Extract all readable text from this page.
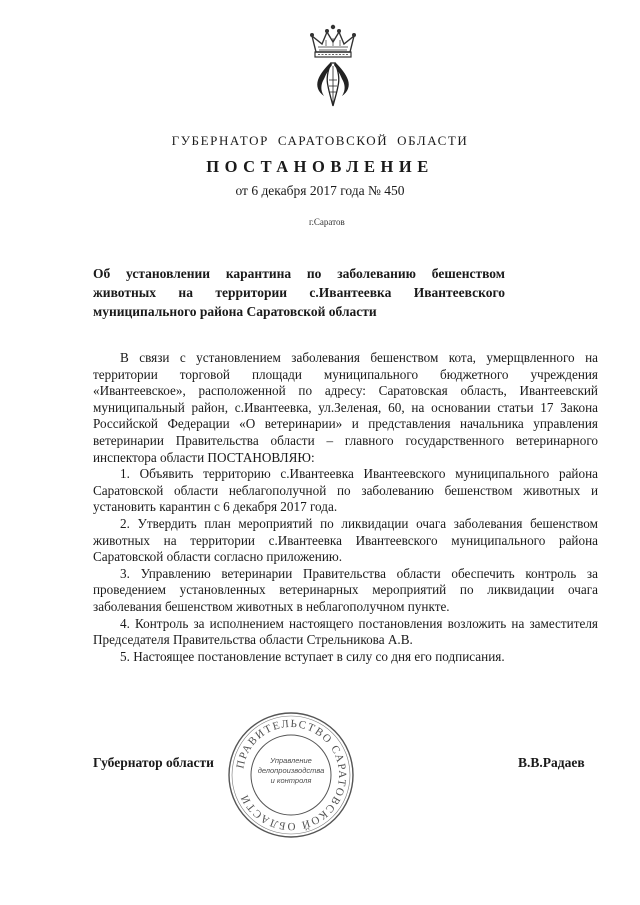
ГУБЕРНАТОР САРАТОВСКОЙ ОБЛАСТИ
ПОСТАНОВЛЕНИЕ
от 6 декабря 2017 года № 450
г.Саратов
Об установлении карантина по заболеванию бешенством
животных на территории с.Ивантеевка Ивантеевского
муниципального района Саратовской области

В связи с установлением заболевания бешенством кота, умерщвленного на территории торговой площади муниципального бюджетного учреждения «Ивантеевское», расположенной по адресу: Саратовская область, Ивантеевский муниципальный район, с.Ивантеевка, ул.Зеленая, 60, на основании статьи 17 Закона Российской Федерации «О ветеринарии» и представления начальника управления ветеринарии Правительства области – главного государственного ветеринарного инспектора области ПОСТАНОВЛЯЮ:

1. Объявить территорию с.Ивантеевка Ивантеевского муниципального района Саратовской области неблагополучной по заболеванию бешенством животных и установить карантин с 6 декабря 2017 года.

2. Утвердить план мероприятий по ликвидации очага заболевания бешенством животных на территории с.Ивантеевка Ивантеевского муниципального района Саратовской области согласно приложению.

3. Управлению ветеринарии Правительства области обеспечить контроль за проведением установленных ветеринарных мероприятий по ликвидации очага заболевания бешенством животных в неблагополучном пункте.

4. Контроль за исполнением настоящего постановления возложить на заместителя Председателя Правительства области Стрельникова А.В.

5. Настоящее постановление вступает в силу со дня его подписания.

ПРАВИТЕЛЬСТВО САРАТОВСКОЙ ОБЛАСТИ
Управление
делопроизводства
и контроля
Губернатор области	В.В.Радаев
